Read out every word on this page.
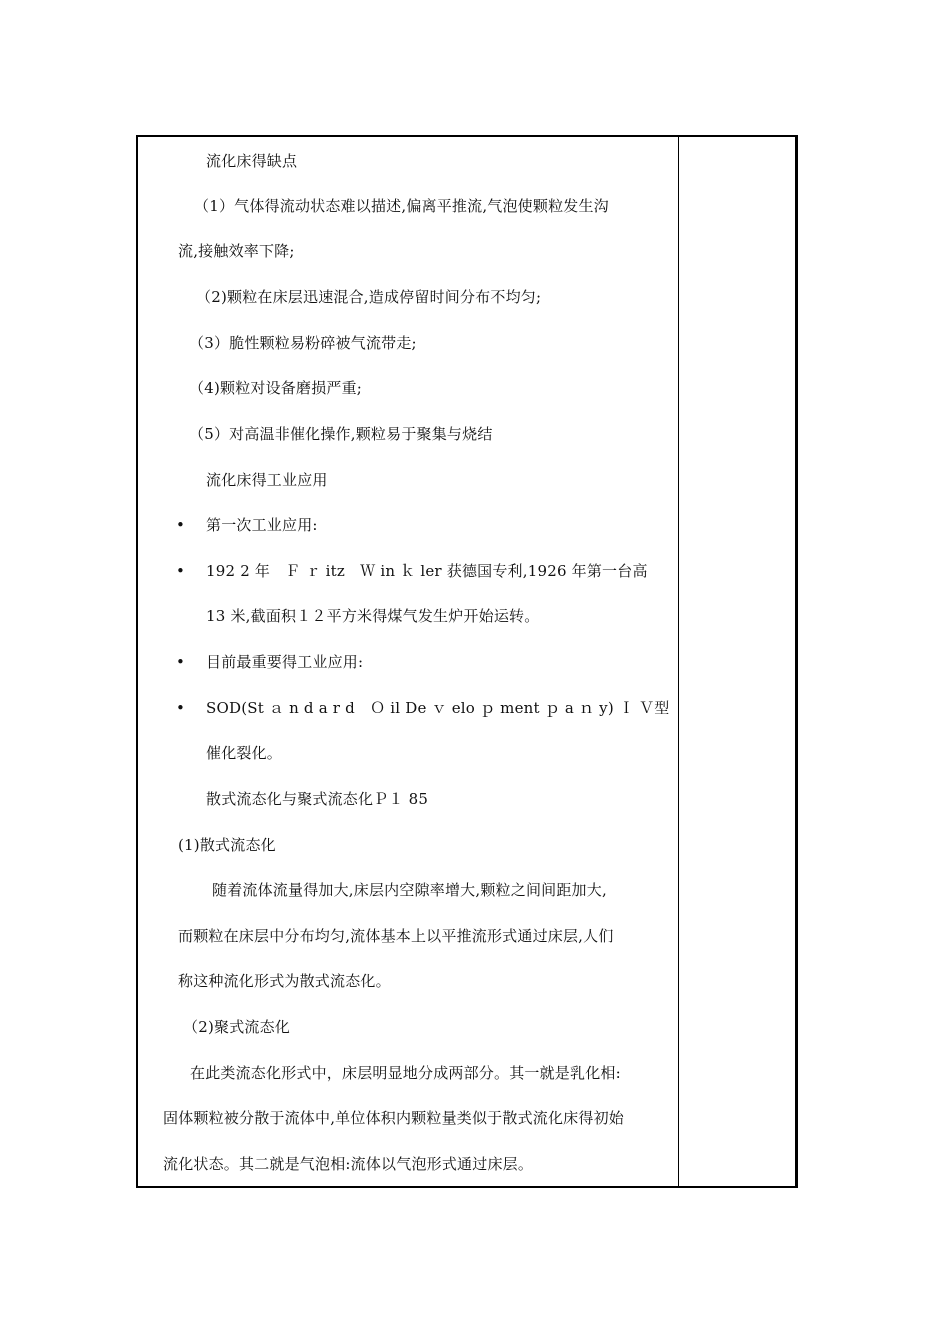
流化床得缺点
（1）气体得流动状态难以描述,偏离平推流,气泡使颗粒发生沟
流,接触效率下降;
（2)颗粒在床层迅速混合,造成停留时间分布不均匀;
（3）脆性颗粒易粉碎被气流带走;
（4)颗粒对设备磨损严重;
（5）对高温非催化操作,颗粒易于聚集与烧结
流化床得工业应用
• 第一次工业应用:
• 192 2 年　Ｆ ｒ itz　Ｗ in ｋ ler 获德国专利,1926 年第一台高
13 米,截面积１２平方米得煤气发生炉开始运转。
• 目前最重要得工业应用:
• SOD(St ａ n d a r d　Ｏ il De ｖ elo ｐ ment ｐ a ｎ y) Ｉ Ｖ型
催化裂化。
散式流态化与聚式流态化Ｐ１ 85
(1)散式流态化
随着流体流量得加大,床层内空隙率增大,颗粒之间间距加大,
而颗粒在床层中分布均匀,流体基本上以平推流形式通过床层,人们
称这种流化形式为散式流态化。
（2)聚式流态化
在此类流态化形式中，床层明显地分成两部分。其一就是乳化相:
固体颗粒被分散于流体中,单位体积内颗粒量类似于散式流化床得初始
流化状态。其二就是气泡相:流体以气泡形式通过床层。
